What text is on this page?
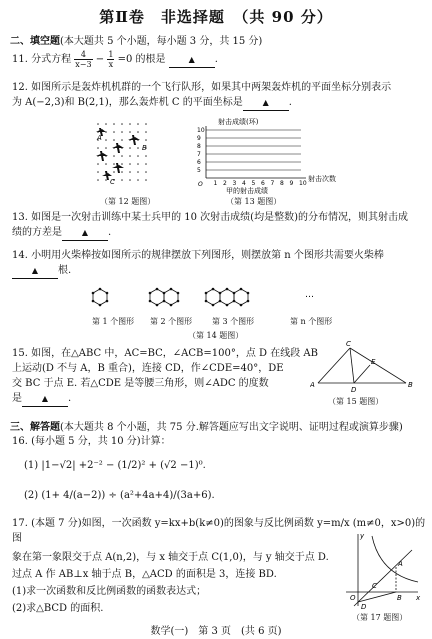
第Ⅱ卷　非选择题　（共 90 分）
二、填空题(本大题共 5 个小题，每小题 3 分，共 15 分)
11. 分式方程 $\frac{4}{x-3} - \frac{1}{x} =0$ 的根是	▲ .
12. 如图所示是轰炸机机群的一个飞行队形，如果其中两架轰炸机的平面坐标分别表示
为 A(−2,3)和 B(2,1)，那么轰炸机 C 的平面坐标是 ▲ .
A
B
C
（第 12 题图）
射击成绩(环)
射击次数
O
10
9
8
7
6
5
1 2 3 4 5 6 7 8 9 10
甲的射击成绩
（第 13 题图）
13. 如图是一次射击训练中某士兵甲的 10 次射击成绩(均是整数)的分布情况，则其射击成
绩的方差是 ▲ .
14. 小明用火柴棒按如图所示的规律摆放下列图形，则摆放第 n 个图形共需要火柴棒
▲ 根.
…
第 1 个图形 第 2 个图形 第 3 个图形	第 n 个图形
（第 14 题图）
15. 如图，在△ABC 中，AC=BC，∠ACB=100°，点 D 在线段 AB
上运动(D 不与 A，B 重合)，连接 CD，作∠CDE=40°，DE
交 BC 于点 E. 若△CDE 是等腰三角形，则∠ADC 的度数
是 ▲ .
A	B
C
D
E
（第 15 题图）
三、解答题(本大题共 8 个小题，共 75 分.解答题应写出文字说明、证明过程或演算步骤)
16. (每小题 5 分，共 10 分)计算：
(1) |1−√2| +2⁻² − (1/2)² + (√2 −1)⁰.
(2) (1+ 4/(a−2)) ÷ (a²+4a+4)/(3a+6).
17. (本题 7 分)如图，一次函数 y=kx+b(k≠0)的图象与反比例函数 y=m/x (m≠0，x>0)的图
象在第一象限交于点 A(n,2)，与 x 轴交于点 C(1,0)，与 y 轴交于点 D.
过点 A 作 AB⊥x 轴于点 B，△ACD 的面积是 3，连接 BD.
(1)求一次函数和反比例函数的函数表达式；
(2)求△BCD 的面积.
x
y
O
A
B
C
D
（第 17 题图）
数学(一)　第 3 页　(共 6 页)
